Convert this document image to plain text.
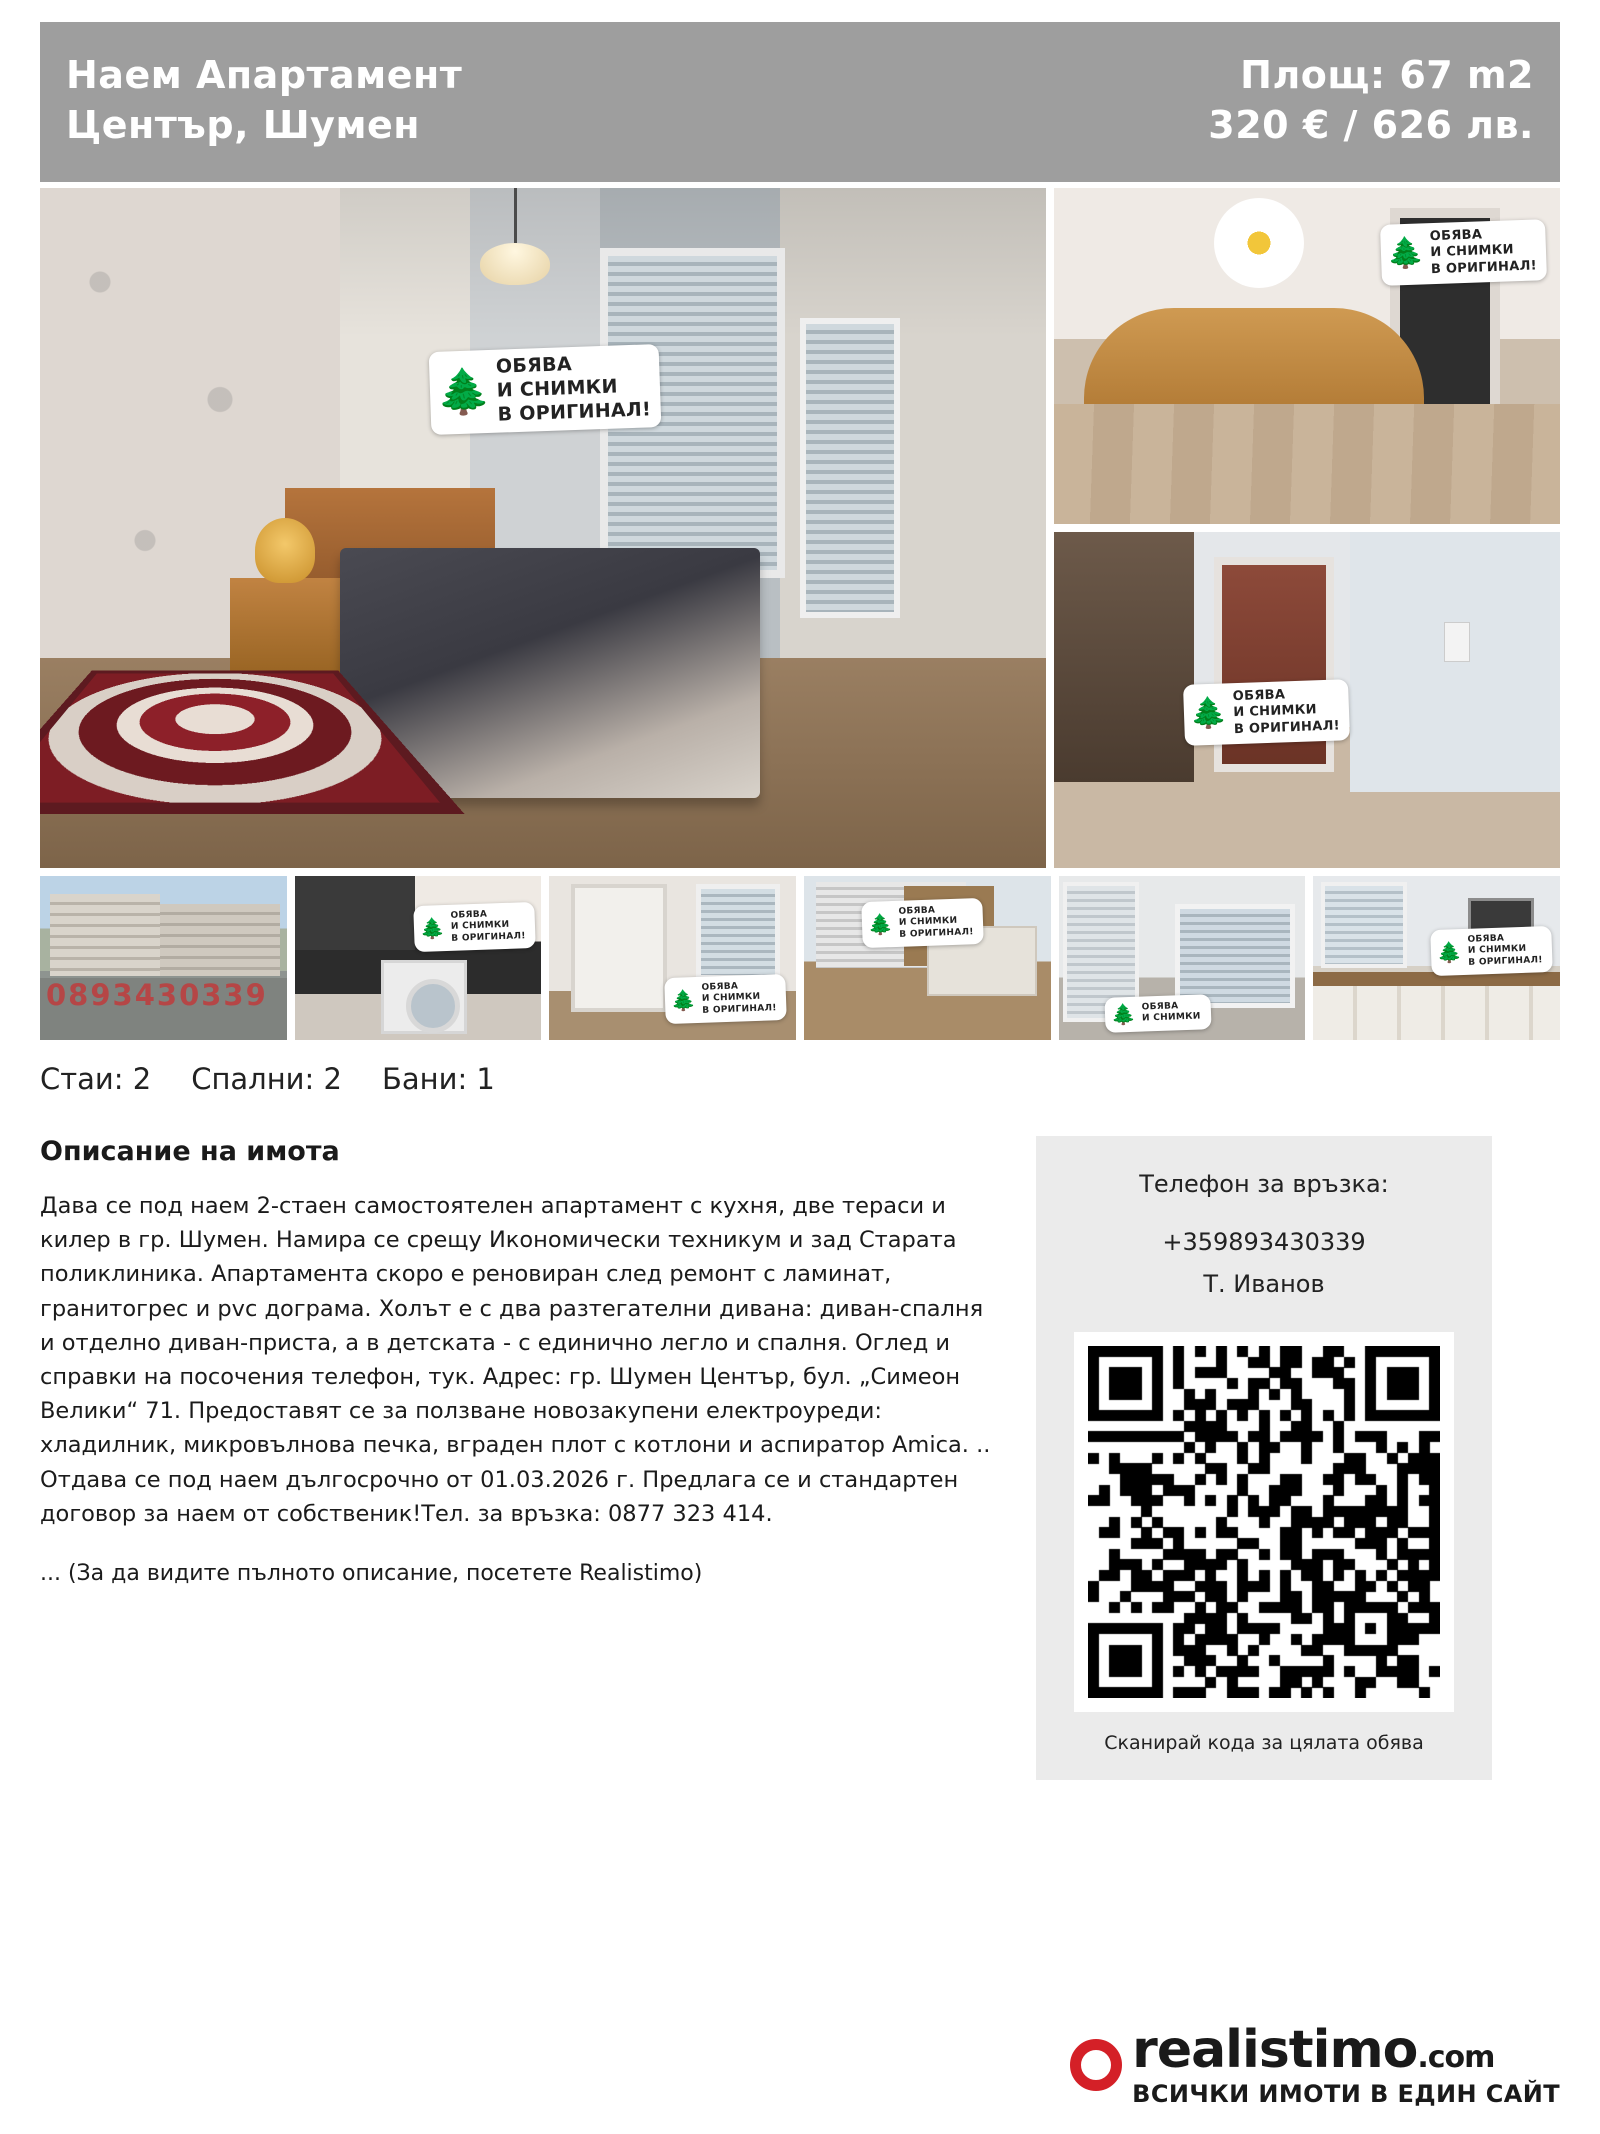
Наем Апартамент
Център, Шумен
Площ: 67 m2
320 € / 626 лв.
🌲
ОБЯВА
И СНИМКИ
В ОРИГИНАЛ!
🌲
ОБЯВА
И СНИМКИ
В ОРИГИНАЛ!
🌲
ОБЯВА
И СНИМКИ
В ОРИГИНАЛ!
0893430339
🌲
ОБЯВА
И СНИМКИ
В ОРИГИНАЛ!
🌲
ОБЯВА
И СНИМКИ
В ОРИГИНАЛ!
🌲
ОБЯВА
И СНИМКИ
В ОРИГИНАЛ!
🌲 ОБЯВА
И СНИМКИ
🌲
ОБЯВА
И СНИМКИ
В ОРИГИНАЛ!
Стаи: 2 Спални: 2 Бани: 1
Описание на имота
Дава се под наем 2-стаен самостоятелен апартамент с кухня, две тераси и килер в гр. Шумен. Намира се срещу Икономически техникум и зад Старата поликлиника. Апартамента скоро е реновиран след ремонт с ламинат, гранитогрес и pvc дограма. Холът е с два разтегателни дивана: диван-спалня и отделно диван-приста, а в детската - с единично легло и спалня. Оглед и справки на посочения телефон, тук. Адрес: гр. Шумен Център, бул. „Симеон Велики“ 71. Предоставят се за ползване новозакупени електроуреди: хладилник, микровълнова печка, вграден плот с котлони и аспиратор Amica. .. Отдава се под наем дългосрочно от 01.03.2026 г. Предлага се и стандартен договор за наем от собственик!Тел. за връзка: 0877 323 414.
... (За да видите пълното описание, посетете Realistimo)
Телефон за връзка:
+359893430339
Т. Иванов
Сканирай кода за цялата обява
realistimo.com
ВСИЧКИ ИМОТИ В ЕДИН САЙТ
